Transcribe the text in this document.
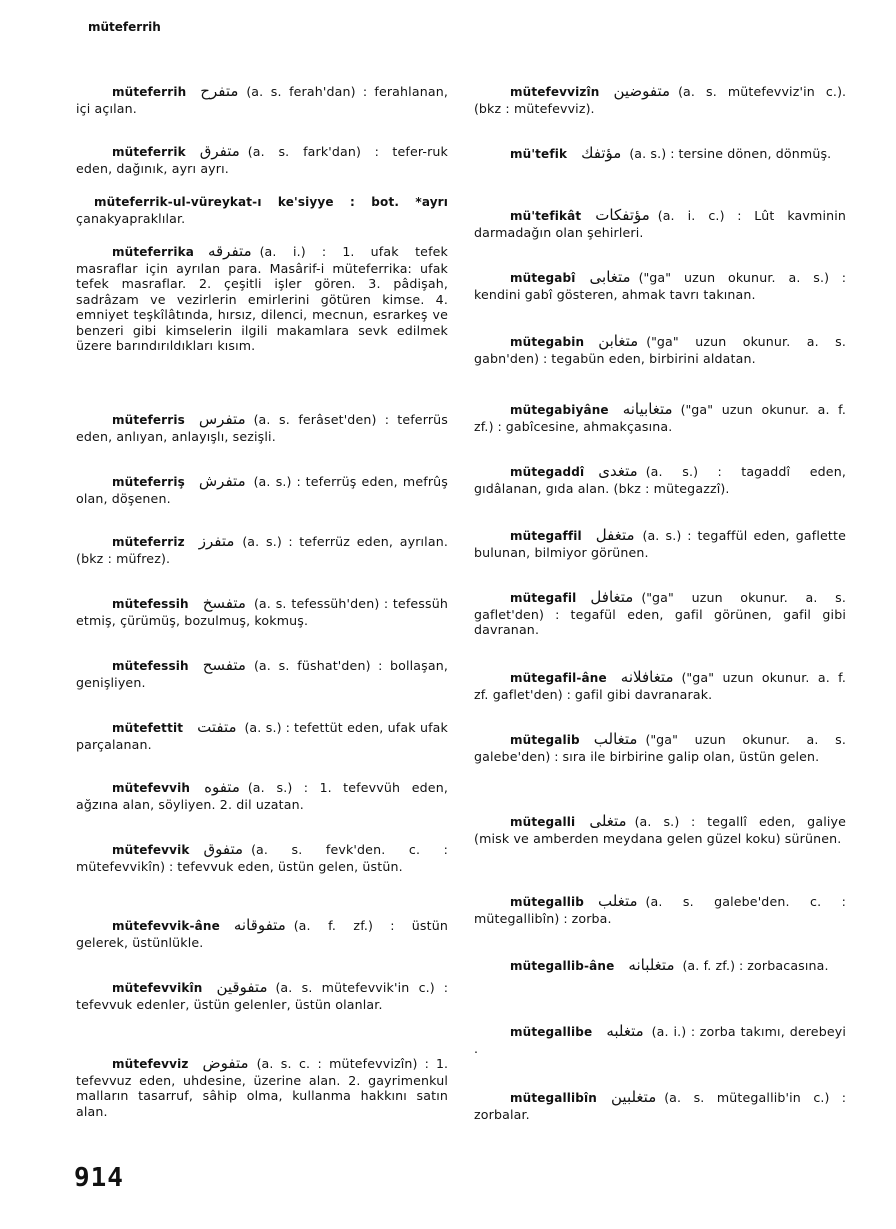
müteferrih
müteferrih متفرح (a. s. ferah'dan) : ferahlanan, içi açılan.
müteferrik متفرق (a. s. fark'dan) : tefer-ruk eden, dağınık, ayrı ayrı.
müteferrik-ul-vüreykat-ı ke'siyye : bot. *ayrı çanakyapraklılar.
müteferrika متفرقه (a. i.) : 1. ufak tefek masraflar için ayrılan para. Masârif-i müteferrika: ufak tefek masraflar. 2. çeşitli işler gören. 3. pâdişah, sadrâzam ve vezirlerin emirlerini götüren kimse. 4. emniyet teşkîlâtında, hırsız, dilenci, mecnun, esrarkeş ve benzeri gibi kimselerin ilgili makamlara sevk edilmek üzere barındırıldıkları kısım.
müteferris متفرس (a. s. ferâset'den) : teferrüs eden, anlıyan, anlayışlı, sezişli.
müteferriş متفرش (a. s.) : teferrüş eden, mefrûş olan, döşenen.
müteferriz متفرز (a. s.) : teferrüz eden, ayrılan. (bkz : müfrez).
mütefessih متفسخ (a. s. tefessüh'den) : tefessüh etmiş, çürümüş, bozulmuş, kokmuş.
mütefessih متفسح (a. s. füshat'den) : bollaşan, genişliyen.
mütefettit متفتت (a. s.) : tefettüt eden, ufak ufak parçalanan.
mütefevvih متفوه (a. s.) : 1. tefevvüh eden, ağzına alan, söyliyen. 2. dil uzatan.
mütefevvik متفوق (a. s. fevk'den. c. : mütefevvikîn) : tefevvuk eden, üstün gelen, üstün.
mütefevvik-âne متفوقانه (a. f. zf.) : üstün gelerek, üstünlükle.
mütefevvikîn متفوقين (a. s. mütefevvik'in c.) : tefevvuk edenler, üstün gelenler, üstün olanlar.
mütefevviz متفوض (a. s. c. : mütefevvizîn) : 1. tefevvuz eden, uhdesine, üzerine alan. 2. gayrimenkul malların tasarruf, sâhip olma, kullanma hakkını satın alan.
mütefevvizîn متفوضين (a. s. mütefevviz'in c.). (bkz : mütefevviz).
mü'tefik مؤتفك (a. s.) : tersine dönen, dönmüş.
mü'tefikât مؤتفكات (a. i. c.) : Lût kavminin darmadağın olan şehirleri.
mütegabî متغابى ("ga" uzun okunur. a. s.) : kendini gabî gösteren, ahmak tavrı takınan.
mütegabin متغابن ("ga" uzun okunur. a. s. gabn'den) : tegabün eden, birbirini aldatan.
mütegabiyâne متغابيانه ("ga" uzun okunur. a. f. zf.) : gabîcesine, ahmakçasına.
mütegaddî متغدى (a. s.) : tagaddî eden, gıdâlanan, gıda alan. (bkz : mütegazzî).
mütegaffil متغفل (a. s.) : tegaffül eden, gaflette bulunan, bilmiyor görünen.
mütegafil متغافل ("ga" uzun okunur. a. s. gaflet'den) : tegafül eden, gafil görünen, gafil gibi davranan.
mütegafil-âne متغافلانه ("ga" uzun okunur. a. f. zf. gaflet'den) : gafil gibi davranarak.
mütegalib متغالب ("ga" uzun okunur. a. s. galebe'den) : sıra ile birbirine galip olan, üstün gelen.
mütegalli متغلى (a. s.) : tegallî eden, galiye (misk ve amberden meydana gelen güzel koku) sürünen.
mütegallib متغلب (a. s. galebe'den. c. : mütegallibîn) : zorba.
mütegallib-âne متغلبانه (a. f. zf.) : zorbacasına.
mütegallibe متغلبه (a. i.) : zorba takımı, derebeyi .
mütegallibîn متغلبين (a. s. mütegallib'in c.) : zorbalar.
914
